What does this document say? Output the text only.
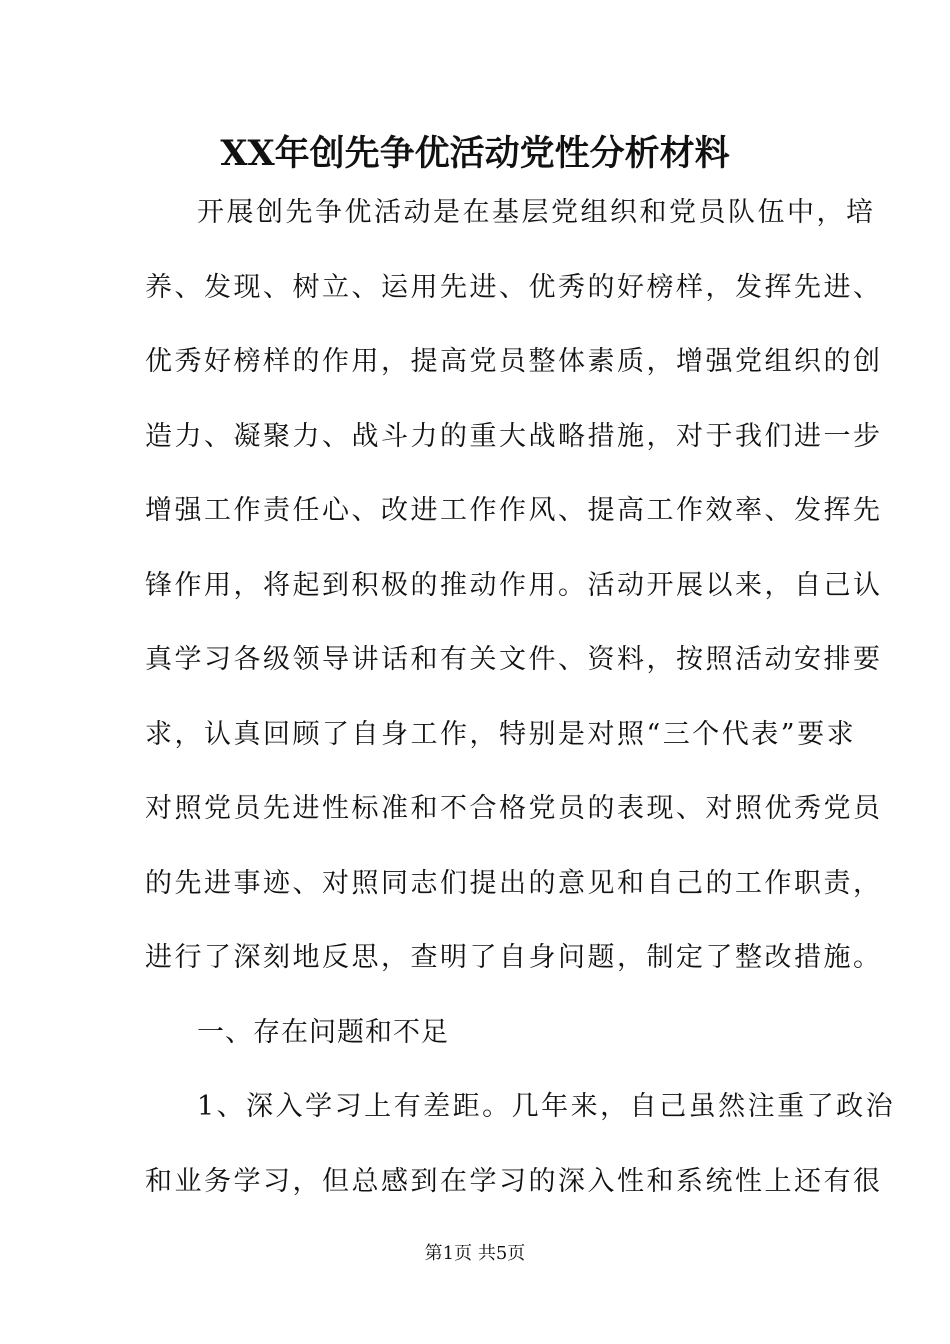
XX年创先争优活动党性分析材料
开展创先争优活动是在基层党组织和党员队伍中，培
养、发现、树立、运用先进、优秀的好榜样，发挥先进、
优秀好榜样的作用，提高党员整体素质，增强党组织的创
造力、凝聚力、战斗力的重大战略措施，对于我们进一步
增强工作责任心、改进工作作风、提高工作效率、发挥先
锋作用，将起到积极的推动作用。活动开展以来，自己认
真学习各级领导讲话和有关文件、资料，按照活动安排要
求，认真回顾了自身工作，特别是对照“三个代表”要求
对照党员先进性标准和不合格党员的表现、对照优秀党员
的先进事迹、对照同志们提出的意见和自己的工作职责，
进行了深刻地反思，查明了自身问题，制定了整改措施。
一、存在问题和不足
1、深入学习上有差距。几年来，自己虽然注重了政治
和业务学习，但总感到在学习的深入性和系统性上还有很
第1页 共5页
